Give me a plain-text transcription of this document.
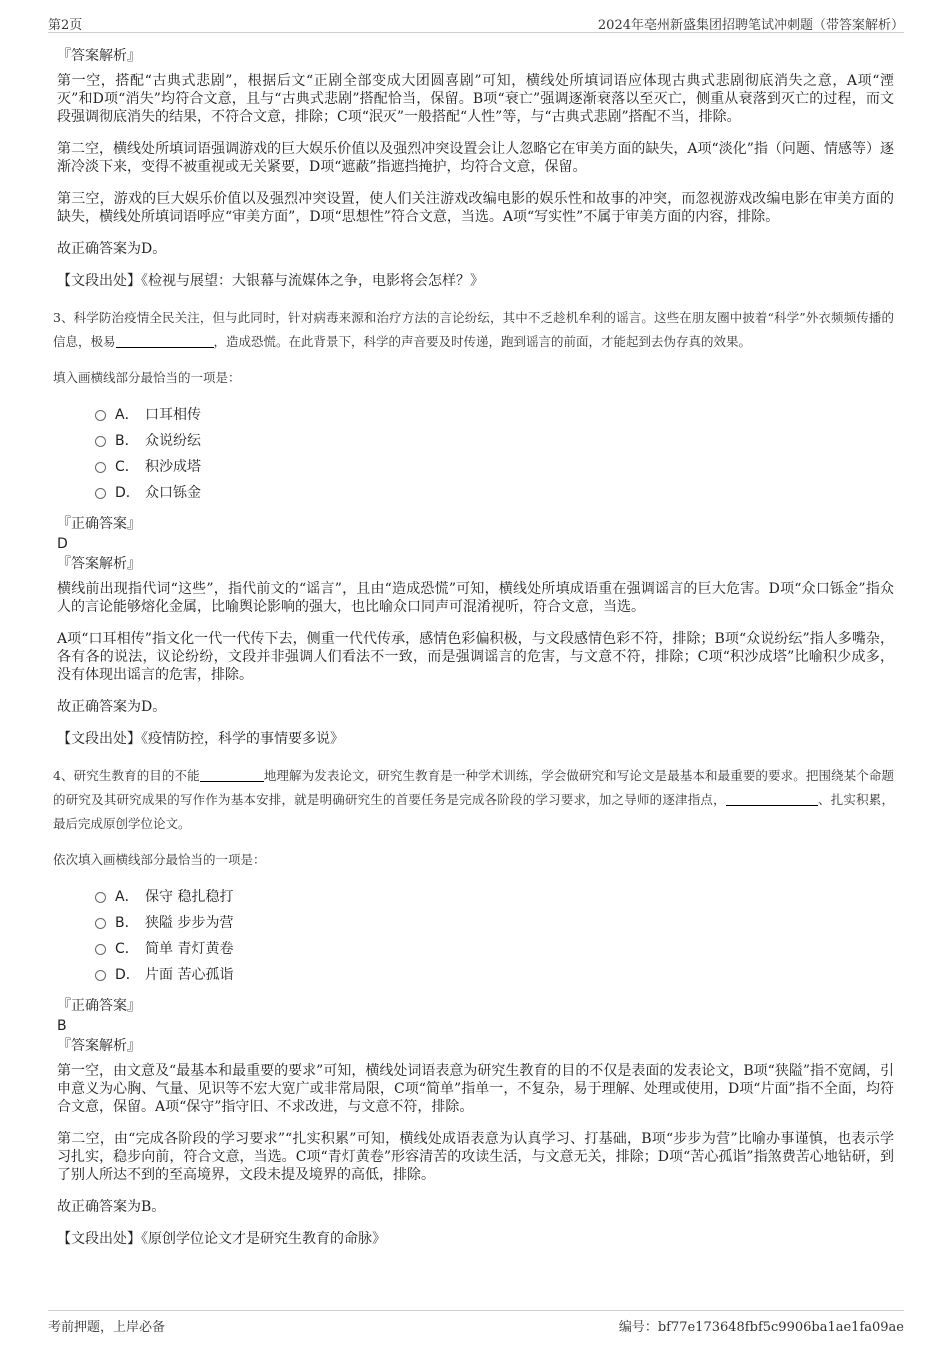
第2页	2024年亳州新盛集团招聘笔试冲刺题（带答案解析）
『答案解析』

第一空，搭配“古典式悲剧”，根据后文“正剧全部变成大团圆喜剧”可知，横线处所填词语应体现古典式悲剧彻底消失之意，A项“湮灭”和D项“消失”均符合文意，且与“古典式悲剧”搭配恰当，保留。B项“衰亡”强调逐渐衰落以至灭亡，侧重从衰落到灭亡的过程，而文段强调彻底消失的结果，不符合文意，排除；C项“泯灭”一般搭配“人性”等，与“古典式悲剧”搭配不当，排除。

第二空，横线处所填词语强调游戏的巨大娱乐价值以及强烈冲突设置会让人忽略它在审美方面的缺失，A项“淡化”指（问题、情感等）逐渐冷淡下来，变得不被重视或无关紧要，D项“遮蔽”指遮挡掩护，均符合文意，保留。

第三空，游戏的巨大娱乐价值以及强烈冲突设置，使人们关注游戏改编电影的娱乐性和故事的冲突，而忽视游戏改编电影在审美方面的缺失，横线处所填词语呼应“审美方面”，D项“思想性”符合文意，当选。A项“写实性”不属于审美方面的内容，排除。

故正确答案为D。

【文段出处】《检视与展望：大银幕与流媒体之争，电影将会怎样？》

3、科学防治疫情全民关注，但与此同时，针对病毒来源和治疗方法的言论纷纭，其中不乏趁机牟利的谣言。这些在朋友圈中披着“科学”外衣频频传播的信息，极易	，造成恐慌。在此背景下，科学的声音要及时传递，跑到谣言的前面，才能起到去伪存真的效果。

填入画横线部分最恰当的一项是：

A． 口耳相传
B． 众说纷纭
C． 积沙成塔
D． 众口铄金
『正确答案』
D
『答案解析』

横线前出现指代词“这些”，指代前文的“谣言”，且由“造成恐慌”可知，横线处所填成语重在强调谣言的巨大危害。D项“众口铄金”指众人的言论能够熔化金属，比喻舆论影响的强大，也比喻众口同声可混淆视听，符合文意，当选。

A项“口耳相传”指文化一代一代传下去，侧重一代代传承，感情色彩偏积极，与文段感情色彩不符，排除；B项“众说纷纭”指人多嘴杂，各有各的说法，议论纷纷，文段并非强调人们看法不一致，而是强调谣言的危害，与文意不符，排除；C项“积沙成塔”比喻积少成多，没有体现出谣言的危害，排除。

故正确答案为D。

【文段出处】《疫情防控，科学的事情要多说》

4、研究生教育的目的不能	地理解为发表论文，研究生教育是一种学术训练，学会做研究和写论文是最基本和最重要的要求。把围绕某个命题的研究及其研究成果的写作作为基本安排，就是明确研究生的首要任务是完成各阶段的学习要求，加之导师的逐津指点，	、扎实积累，最后完成原创学位论文。

依次填入画横线部分最恰当的一项是：

A． 保守 稳扎稳打
B． 狭隘 步步为营
C． 简单 青灯黄卷
D． 片面 苦心孤诣
『正确答案』
B
『答案解析』

第一空，由文意及“最基本和最重要的要求”可知，横线处词语表意为研究生教育的目的不仅是表面的发表论文，B项“狭隘”指不宽阔，引申意义为心胸、气量、见识等不宏大宽广或非常局限，C项“简单”指单一，不复杂，易于理解、处理或使用，D项“片面”指不全面，均符合文意，保留。A项“保守”指守旧、不求改进，与文意不符，排除。

第二空，由“完成各阶段的学习要求”“扎实积累”可知，横线处成语表意为认真学习、打基础，B项“步步为营”比喻办事谨慎，也表示学习扎实，稳步向前，符合文意，当选。C项“青灯黄卷”形容清苦的攻读生活，与文意无关，排除；D项“苦心孤诣”指煞费苦心地钻研，到了别人所达不到的至高境界，文段未提及境界的高低，排除。

故正确答案为B。

【文段出处】《原创学位论文才是研究生教育的命脉》

考前押题，上岸必备	编号：bf77e173648fbf5c9906ba1ae1fa09ae
